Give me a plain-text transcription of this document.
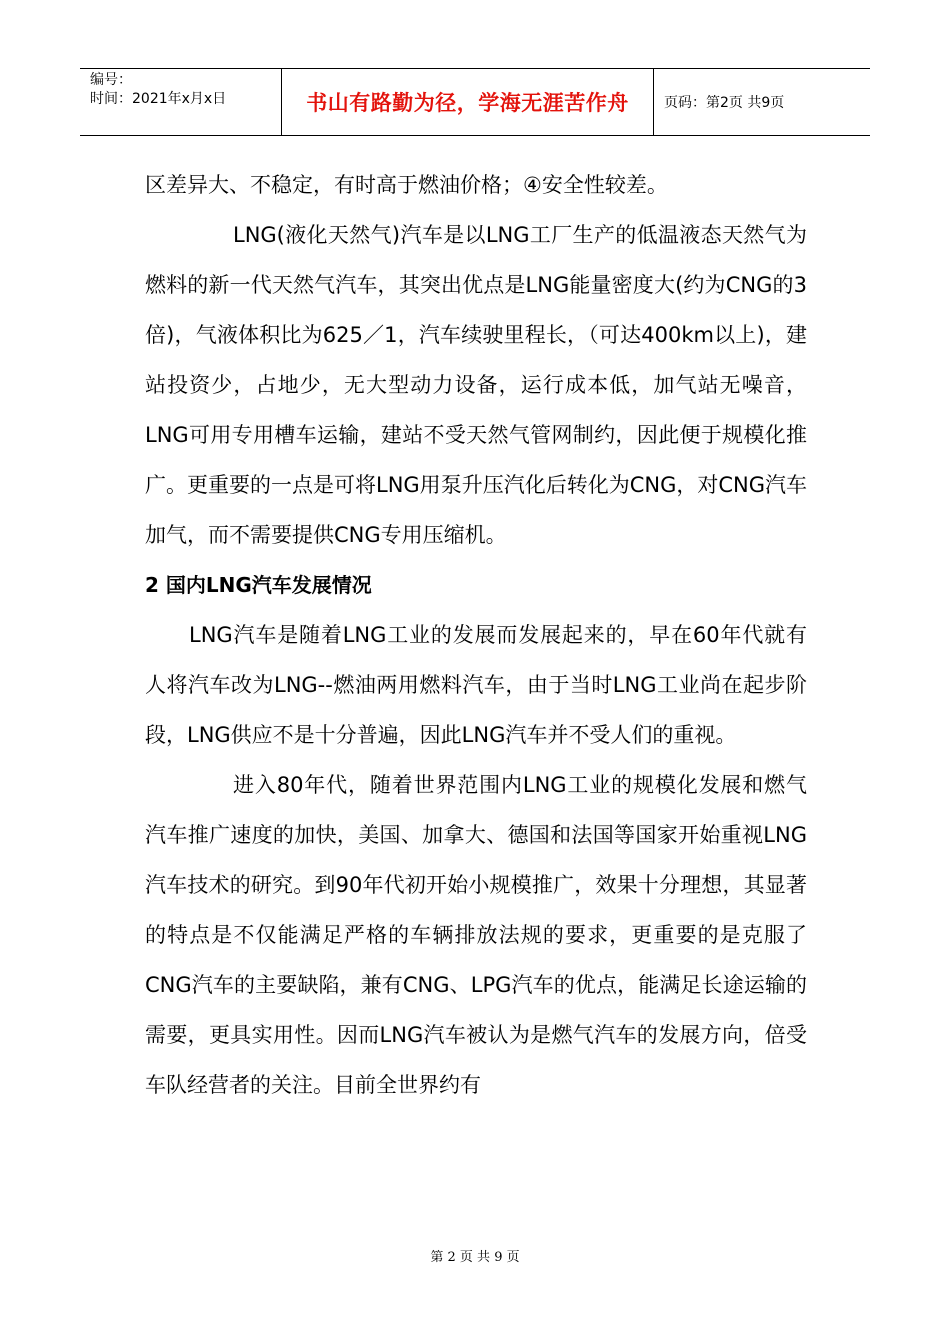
编号：
时间：2021年x月x日	书山有路勤为径，学海无涯苦作舟	页码：第2页 共9页

区差异大、不稳定，有时高于燃油价格；④安全性较差。

LNG(液化天然气)汽车是以LNG工厂生产的低温液态天然气为燃料的新一代天然气汽车，其突出优点是LNG能量密度大(约为CNG的3倍)，气液体积比为625／1，汽车续驶里程长，（可达400km以上)，建站投资少，占地少，无大型动力设备，运行成本低，加气站无噪音，LNG可用专用槽车运输，建站不受天然气管网制约，因此便于规模化推广。更重要的一点是可将LNG用泵升压汽化后转化为CNG，对CNG汽车加气，而不需要提供CNG专用压缩机。

2 国内LNG汽车发展情况

LNG汽车是随着LNG工业的发展而发展起来的，早在60年代就有人将汽车改为LNG--燃油两用燃料汽车，由于当时LNG工业尚在起步阶段，LNG供应不是十分普遍，因此LNG汽车并不受人们的重视。

进入80年代，随着世界范围内LNG工业的规模化发展和燃气汽车推广速度的加快，美国、加拿大、德国和法国等国家开始重视LNG汽车技术的研究。到90年代初开始小规模推广，效果十分理想，其显著的特点是不仅能满足严格的车辆排放法规的要求，更重要的是克服了CNG汽车的主要缺陷，兼有CNG、LPG汽车的优点，能满足长途运输的需要，更具实用性。因而LNG汽车被认为是燃气汽车的发展方向，倍受车队经营者的关注。目前全世界约有

第 2 页 共 9 页
